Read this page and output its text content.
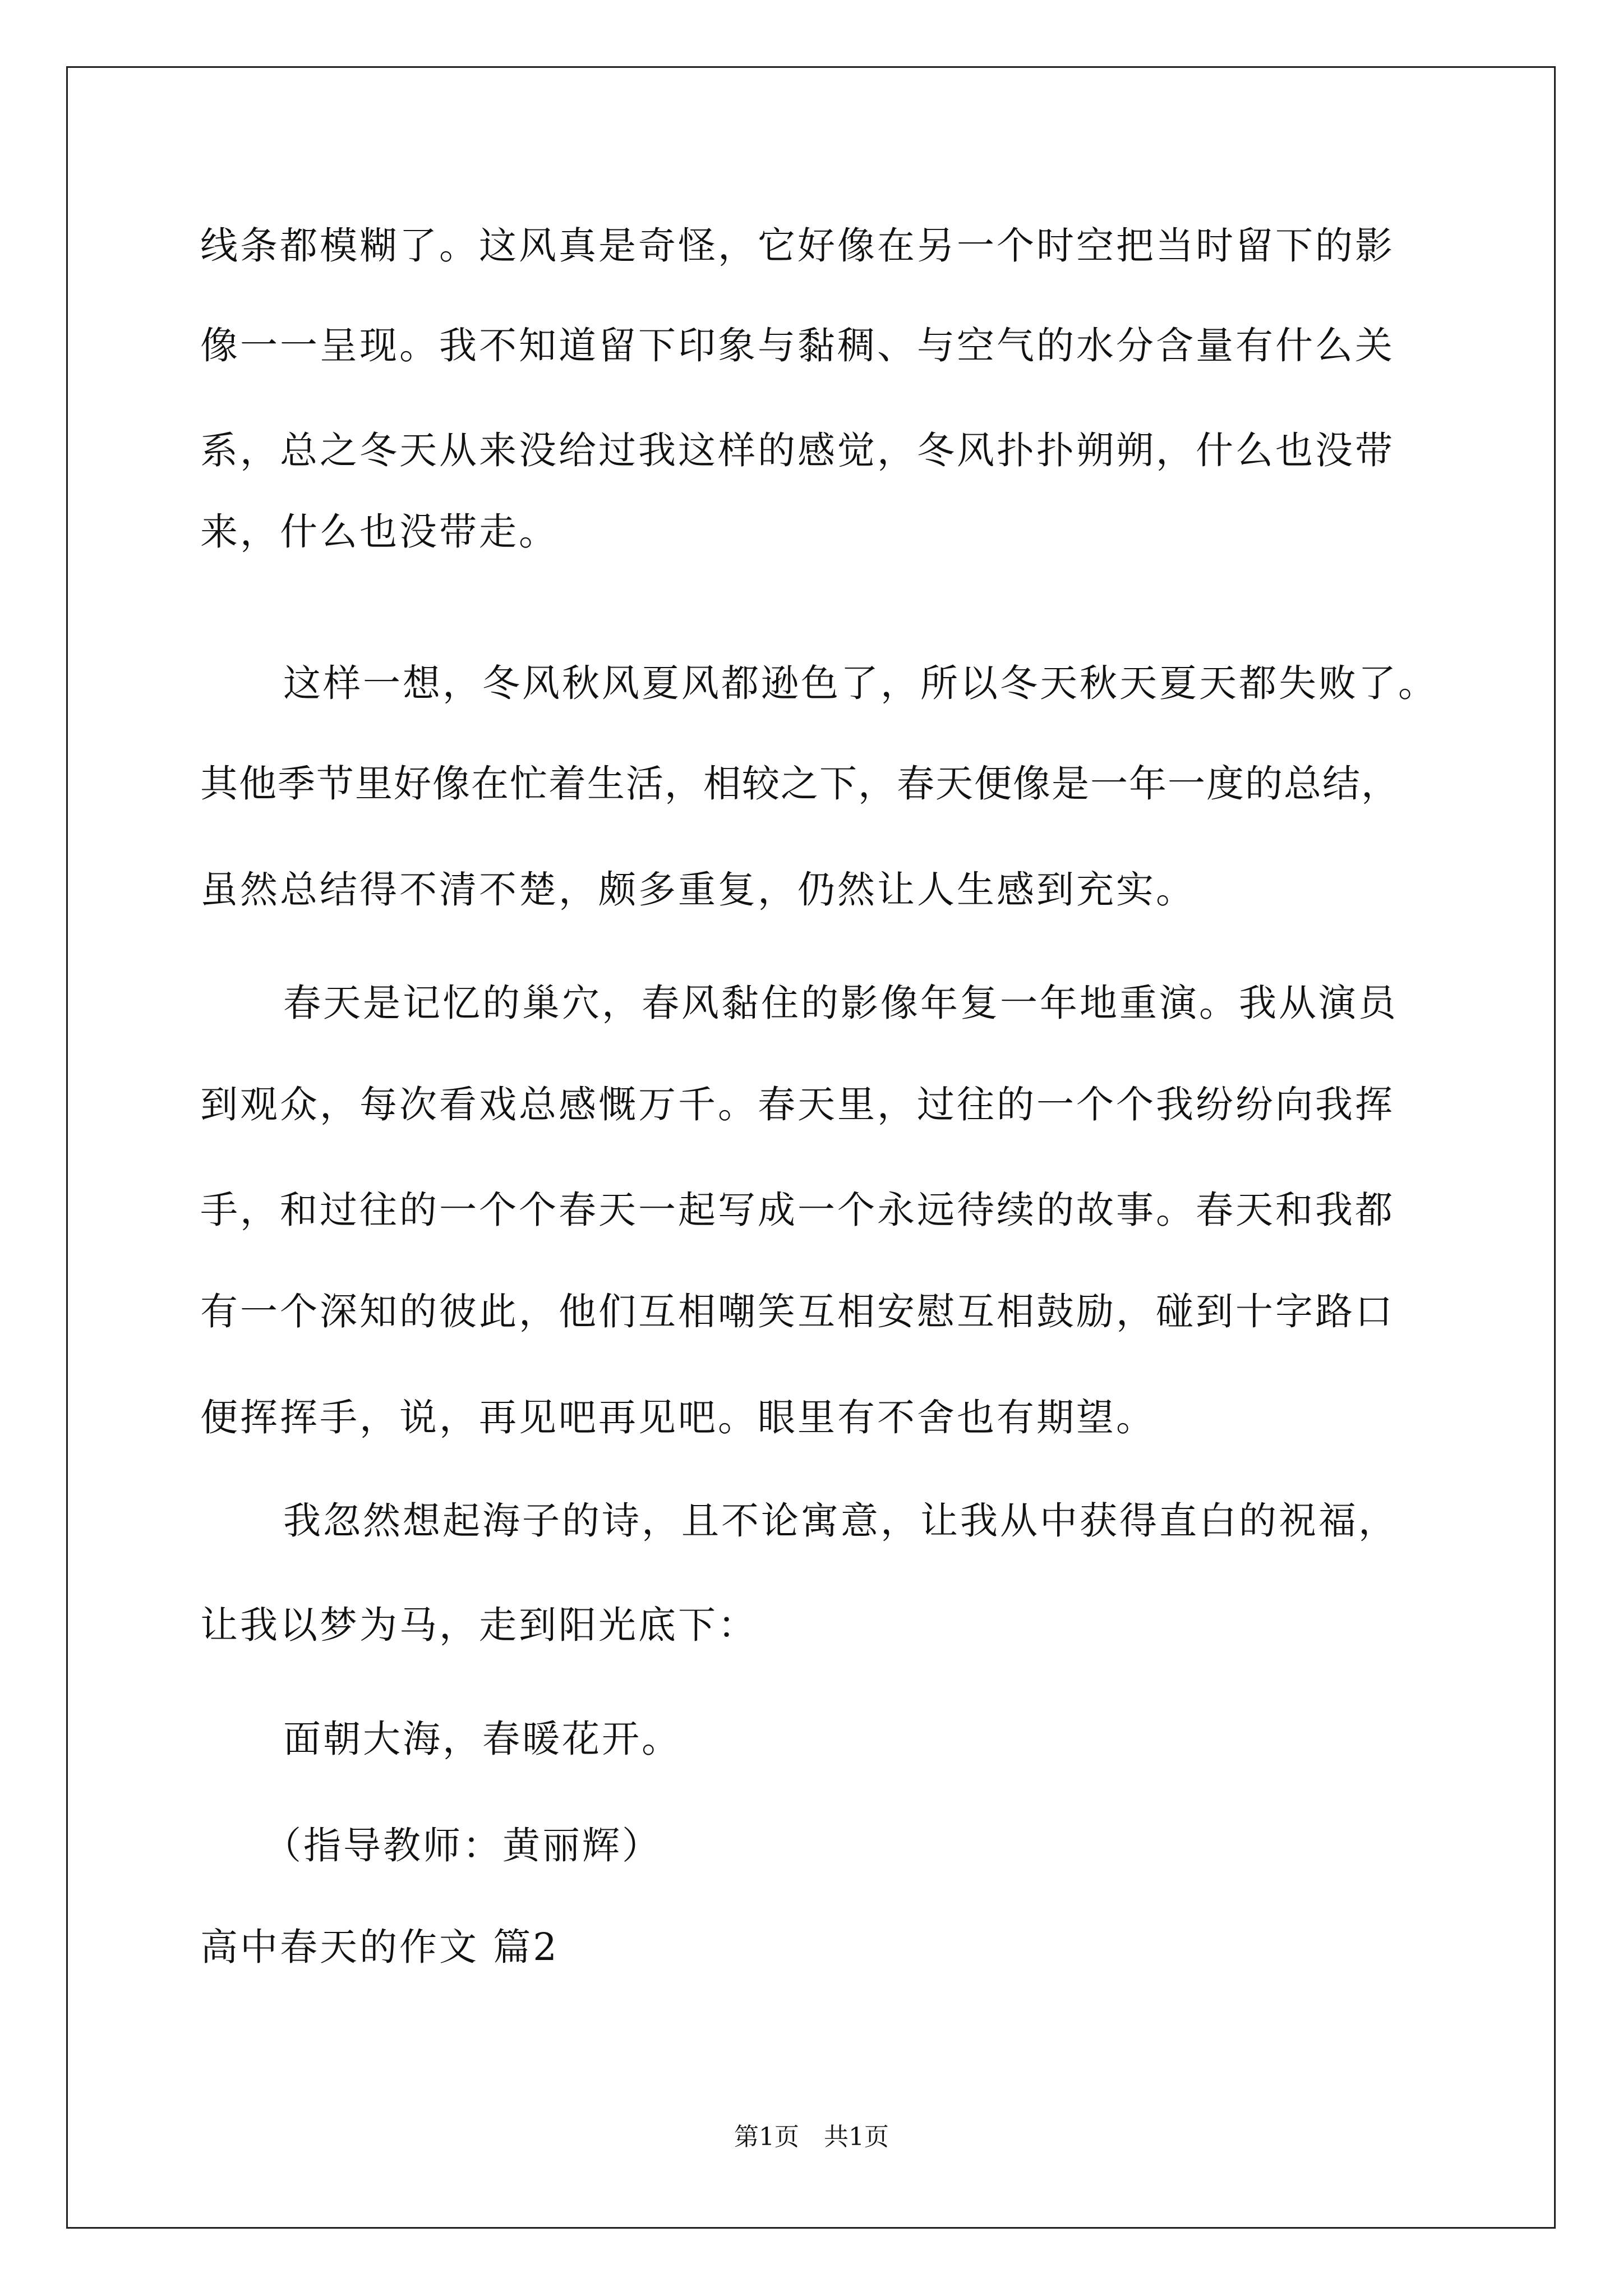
线条都模糊了。这风真是奇怪，它好像在另一个时空把当时留下的影
像一一呈现。我不知道留下印象与黏稠、与空气的水分含量有什么关
系，总之冬天从来没给过我这样的感觉，冬风扑扑朔朔，什么也没带
来，什么也没带走。
这样一想，冬风秋风夏风都逊色了，所以冬天秋天夏天都失败了。
其他季节里好像在忙着生活，相较之下，春天便像是一年一度的总结，
虽然总结得不清不楚，颇多重复，仍然让人生感到充实。
春天是记忆的巢穴，春风黏住的影像年复一年地重演。我从演员
到观众，每次看戏总感慨万千。春天里，过往的一个个我纷纷向我挥
手，和过往的一个个春天一起写成一个永远待续的故事。春天和我都
有一个深知的彼此，他们互相嘲笑互相安慰互相鼓励，碰到十字路口
便挥挥手，说，再见吧再见吧。眼里有不舍也有期望。
我忽然想起海子的诗，且不论寓意，让我从中获得直白的祝福，
让我以梦为马，走到阳光底下：
面朝大海，春暖花开。
（指导教师：黄丽辉）
高中春天的作文 篇2
第1页 共1页
